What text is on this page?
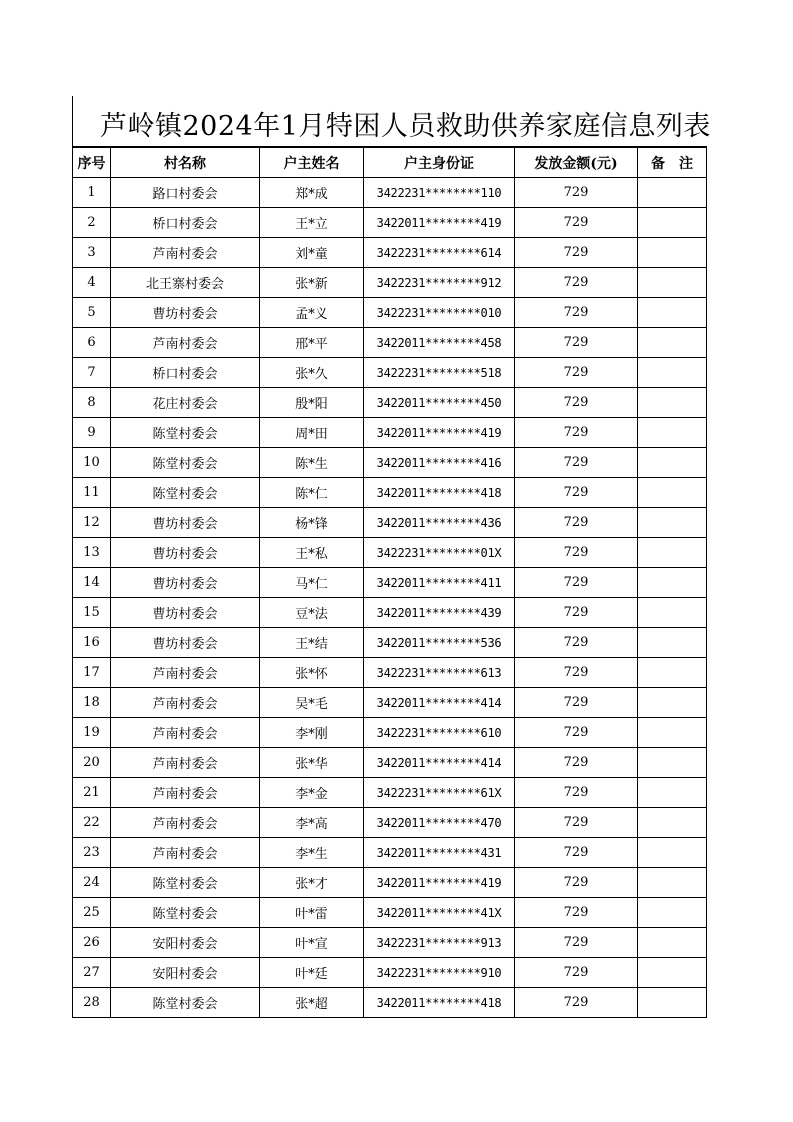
芦岭镇2024年1月特困人员救助供养家庭信息列表
序号	村名称	户主姓名	户主身份证	发放金额(元)	备　注
1	路口村委会	郑*成	3422231********110	729	
2	桥口村委会	王*立	3422011********419	729	
3	芦南村委会	刘*童	3422231********614	729	
4	北王寨村委会	张*新	3422231********912	729	
5	曹坊村委会	孟*义	3422231********010	729	
6	芦南村委会	邢*平	3422011********458	729	
7	桥口村委会	张*久	3422231********518	729	
8	花庄村委会	殷*阳	3422011********450	729	
9	陈堂村委会	周*田	3422011********419	729	
10	陈堂村委会	陈*生	3422011********416	729	
11	陈堂村委会	陈*仁	3422011********418	729	
12	曹坊村委会	杨*锋	3422011********436	729	
13	曹坊村委会	王*私	3422231********01X	729	
14	曹坊村委会	马*仁	3422011********411	729	
15	曹坊村委会	豆*法	3422011********439	729	
16	曹坊村委会	王*结	3422011********536	729	
17	芦南村委会	张*怀	3422231********613	729	
18	芦南村委会	吴*毛	3422011********414	729	
19	芦南村委会	李*刚	3422231********610	729	
20	芦南村委会	张*华	3422011********414	729	
21	芦南村委会	李*金	3422231********61X	729	
22	芦南村委会	李*高	3422011********470	729	
23	芦南村委会	李*生	3422011********431	729	
24	陈堂村委会	张*才	3422011********419	729	
25	陈堂村委会	叶*雷	3422011********41X	729	
26	安阳村委会	叶*宣	3422231********913	729	
27	安阳村委会	叶*廷	3422231********910	729	
28	陈堂村委会	张*超	3422011********418	729	
